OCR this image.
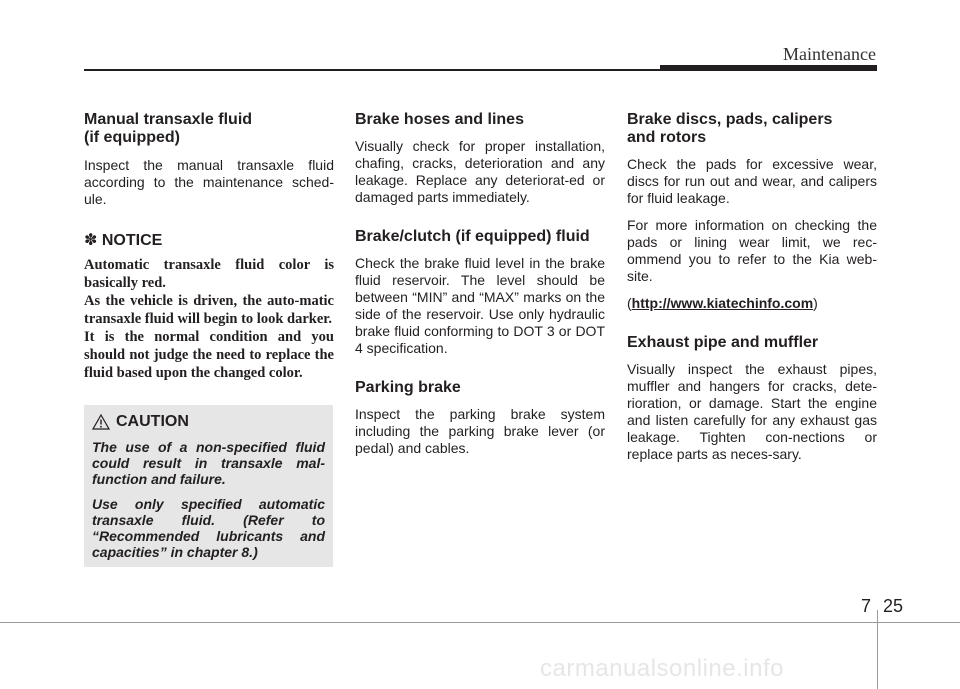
Maintenance
Manual transaxle fluid
(if equipped)

Inspect the manual transaxle fluid according to the maintenance sched-ule.

✽ NOTICE

Automatic transaxle fluid color is basically red.

As the vehicle is driven, the auto-matic transaxle fluid will begin to look darker.

It is the normal condition and you should not judge the need to replace the fluid based upon the changed color.

CAUTION

The use of a non-specified fluid could result in transaxle mal-function and failure.

Use only specified automatic transaxle fluid. (Refer to “Recommended lubricants and capacities” in chapter 8.)

Brake hoses and lines

Visually check for proper installation, chafing, cracks, deterioration and any leakage. Replace any deteriorat-ed or damaged parts immediately.

Brake/clutch (if equipped) fluid

Check the brake fluid level in the brake fluid reservoir. The level should be between “MIN” and “MAX” marks on the side of the reservoir. Use only hydraulic brake fluid conforming to DOT 3 or DOT 4 specification.

Parking brake

Inspect the parking brake system including the parking brake lever (or pedal) and cables.

Brake discs, pads, calipers
and rotors

Check the pads for excessive wear, discs for run out and wear, and calipers for fluid leakage.

For more information on checking the pads or lining wear limit, we rec-ommend you to refer to the Kia web-site.

(http://www.kiatechinfo.com)

Exhaust pipe and muffler

Visually inspect the exhaust pipes, muffler and hangers for cracks, dete-rioration, or damage. Start the engine and listen carefully for any exhaust gas leakage. Tighten con-nections or replace parts as neces-sary.

7 25
carmanualsonline.info
